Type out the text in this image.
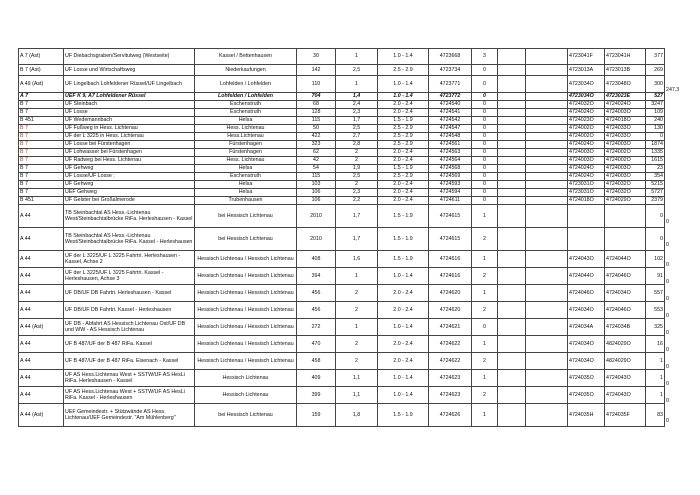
A 7 (Ast)	UF Diebachsgraben/Servitutweg (Westseite)	Kassel / Bettenhausen	30	1	1.0 - 1.4	4723668	3			4723041F	4723041H	377

B 7 (Ast)	UF Losse und Wirtschaftsweg	Niederkaufungen	142	2,5	2.5 - 2.9	4723734	0			4723013A	4723013B	269

A 49 (Ast)	UF Lingelbach Lohfeldener Rüssel/UF Lingelbach	Lohfelden / Lohfelden	110	1	1.0 - 1.4	4723771	0			4723034O	4723048O	300
247,3

A 7	UEF K 9, A7 Lohfeldener Rüssel	Lohfelden / Lohfelden	704	1,4	1.0 - 1.4	4723772	0			4723034O	4723023E	527

B 7	UF Steinbach	Eschenstruth	68	2,4	2.0 - 2.4	4724540	0			4724032O	4724024O	3247

B 7	UF Losse	Eschenstruth	128	2,3	2.0 - 2.4	4724541	0			4724024O	4724003O	109

B 451	UF Wedemannbach	Helsa	115	1,7	1.5 - 1.9	4724542	0			4724023O	4724018O	240

B 7	UF Fußweg in Hess. Lichtenau	Hess. Lichtenau	50	2,5	2.5 - 2.9	4724547	0			4724002O	4724033O	130

B 7	UF der L 3225 in Hess. Lichtenau	Hess.Lichtenau	422	2,7	2.5 - 2.9	4724548	0			4724002O	4724033O	0

B 7	UF Losse bei Fürstenhagen	Fürstenhagen	323	2,8	2.5 - 2.9	4724561	0			4724024O	4724003O	1874

B 7	UF Lohwasser bei Fürstenhagen	Fürstenhagen	62	2	2.0 - 2.4	4724563	0			4724003O	4724002O	1335

B 7	UF Radweg bei Hess. Lichtenau	Hess. Lichtenau	42	2	2.0 - 2.4	4724564	0			4724003O	4724002O	1615

B 7	UF Gehweg	Helsa	54	1,9	1.5 - 1.9	4724568	0			4724024O	4724003O	23

B 7	UF Losse/UF Losse ;	Eschenstruth	115	2,5	2.5 - 2.9	4724569	0			4724024O	4724003O	354

B 7	UF Gehweg	Helsa	103	2	2.0 - 2.4	4724593	0			4723031O	4724032O	5215

B 7	UEF Gehweg	Helsa	106	2,3	2.0 - 2.4	4724594	0			4723031O	4724032O	5727

B 451	UF Gelster bei Großalmerode	Trubenhausen	106	2,2	2.0 - 2.4	4724611	0			4724018O	4724029O	2379

A 44	TB Steinbachtal AS Hess.-Lichtenau West/Steinbachtalbrücke RiFa. Herleshausen - Kassel	bei Hessisch Lichtenau	2010	1,7	1.5 - 1.9	4724615	1					0
0

A 44	TB Steinbachtal AS Hess.-Lichtenau West/Steinbachtalbrücke RiFa. Kassel - Herleshausen	bei Hessisch Lichtenau	2010	1,7	1.5 - 1.9	4724615	2					0
0

A 44	UF der L 3225/UF L 3225 Fahrtri. Herleshausen - Kassel, Achse 2	Hessisch Lichtenau / Hessisch Lichtenau	408	1,6	1.5 - 1.9	4724616	1			4724043O	4724044O	102
0

A 44	UF der L 3225/UF L 3225 Fahrtri. Kassel - Herleshausen, Achse 3	Hessisch Lichtenau / Hessisch Lichtenau	394	1	1.0 - 1.4	4724616	2			4724044O	4724046O	91
0

A 44	UF DB/UF DB Fahrtri. Herleshausen - Kassel	Hessisch Lichtenau / Hessisch Lichtenau	456	2	2.0 - 2.4	4724620	1			4724046O	4724034O	557
0

A 44	UF DB/UF DB Fahrtri. Kassel - Herleshausen	Hessisch Lichtenau / Hessisch Lichtenau	456	2	2.0 - 2.4	4724620	2			4724034O	4724046O	553
0

A 44 (Ast)	UF DB - Abfahrt AS Hessisch Lichtenau Ost/UF DB und WW - AS Hessisch Lichtenau	Hessisch Lichtenau / Hessisch Lichtenau	272	1	1.0 - 1.4	4724621	0			4724034A	4724034B	325
0

A 44	UF B 487/UF der B 487 RiFa. Kassel	Hessisch Lichtenau / Hessisch Lichtenau	470	2	2.0 - 2.4	4724622	1			4724034O	4824029O	16
0

A 44	UF B 487/UF der B 487 RiFa. Eisenach - Kassel	Hessisch Lichtenau / Hessisch Lichtenau	458	2	2.0 - 2.4	4724622	2			4724034O	4824029O	1
0

A 44	UF AS Hess.Lichtenau West + SSTW/UF AS HesLi RiFa. Herleshausen - Kassel	Hessisch Lichtenau	409	1,1	1.0 - 1.4	4724623	1			4724035O	4724043O	1
0

A 44	UF AS Hess.Lichtenau West + SSTW/UF AS HesLi RiFa. Kassel - Herleshausen	Hessisch Lichtenau	399	1,1	1.0 - 1.4	4724623	2			4724035O	4724043O	1
0

A 44 (Ast)	UEF Gemeindestr. + Stützwände AS Hess. Lichtenau/UEF Gemeindestr. "Am Mühlenberg"	bei Hessisch Lichtenau	159	1,8	1.5 - 1.9	4724626	1			4724035H	4724035F	83
0
